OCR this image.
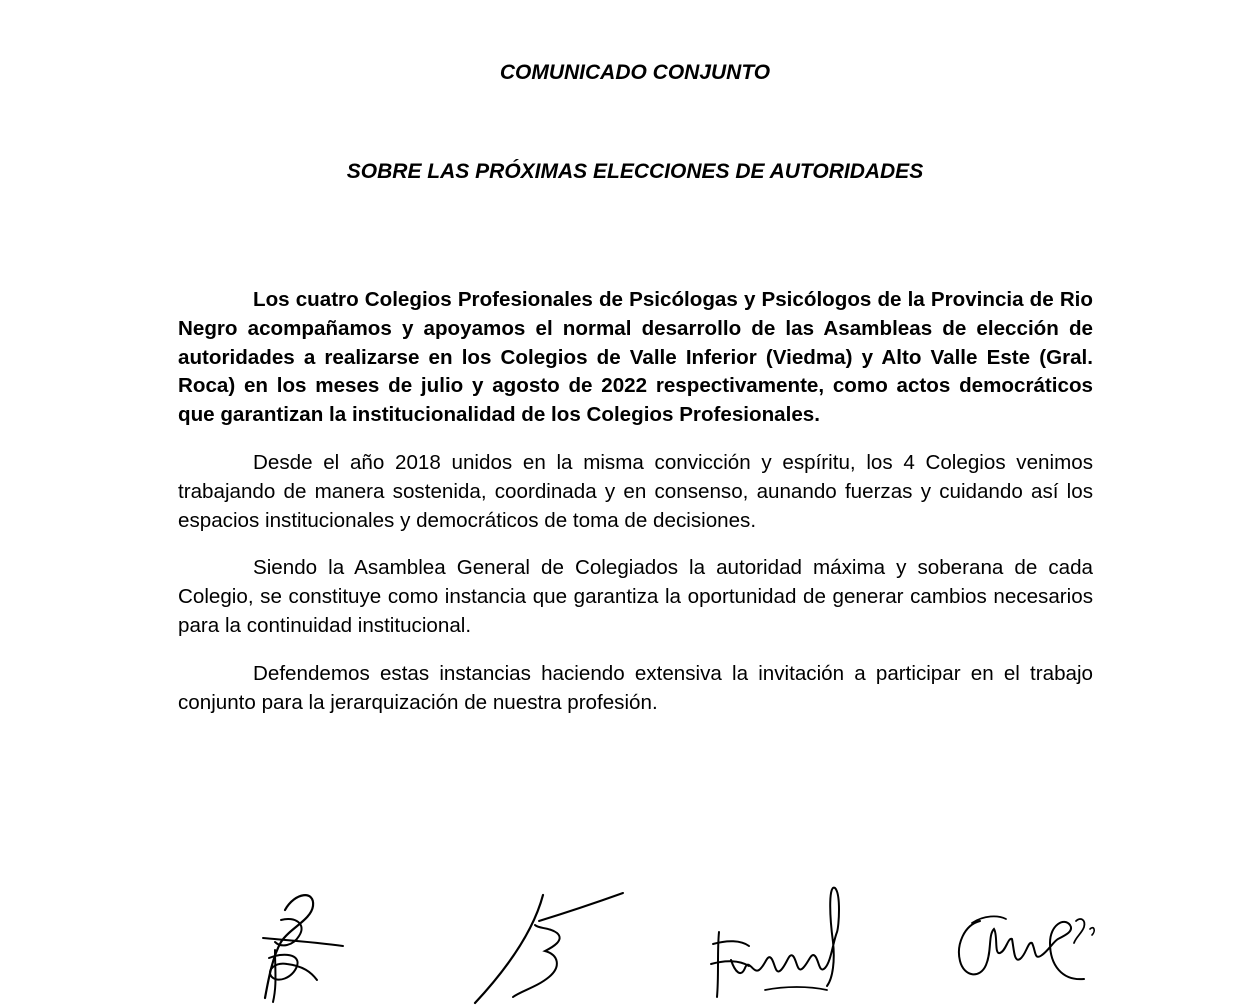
COMUNICADO CONJUNTO
SOBRE LAS PRÓXIMAS ELECCIONES DE AUTORIDADES

Los cuatro Colegios Profesionales de Psicólogas y Psicólogos de la Provincia de Rio Negro acompañamos y apoyamos el normal desarrollo de las Asambleas de elección de autoridades a realizarse en los Colegios de Valle Inferior (Viedma) y Alto Valle Este (Gral. Roca) en los meses de julio y agosto de 2022 respectivamente, como actos democráticos que garantizan la institucionalidad de los Colegios Profesionales.

Desde el año 2018 unidos en la misma convicción y espíritu, los 4 Colegios venimos trabajando de manera sostenida, coordinada y en consenso, aunando fuerzas y cuidando así los espacios institucionales y democráticos de toma de decisiones.

Siendo la Asamblea General de Colegiados la autoridad máxima y soberana de cada Colegio, se constituye como instancia que garantiza la oportunidad de generar cambios necesarios para la continuidad institucional.

Defendemos estas instancias haciendo extensiva la invitación a participar en el trabajo conjunto para la jerarquización de nuestra profesión.
